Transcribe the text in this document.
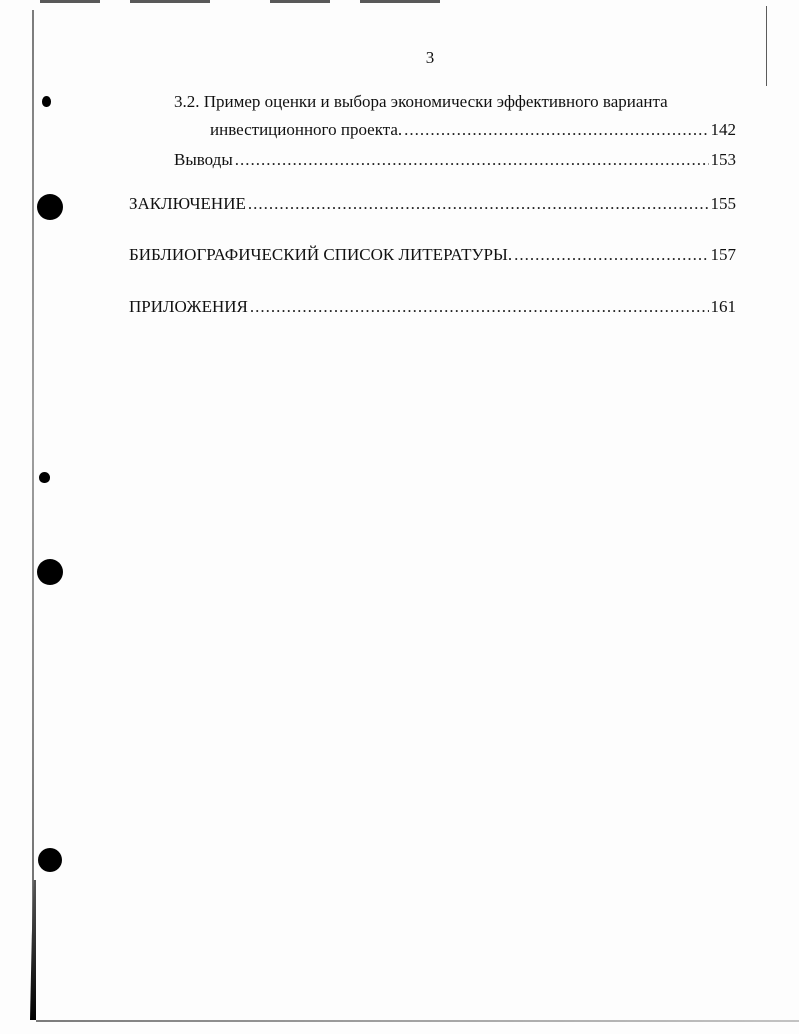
3
3.2. Пример оценки и выбора экономически эффективного варианта
инвестиционного проекта. .....	142
Выводы .....	153
ЗАКЛЮЧЕНИЕ .....	155
БИБЛИОГРАФИЧЕСКИЙ СПИСОК ЛИТЕРАТУРЫ. .....	157
ПРИЛОЖЕНИЯ .....	161
